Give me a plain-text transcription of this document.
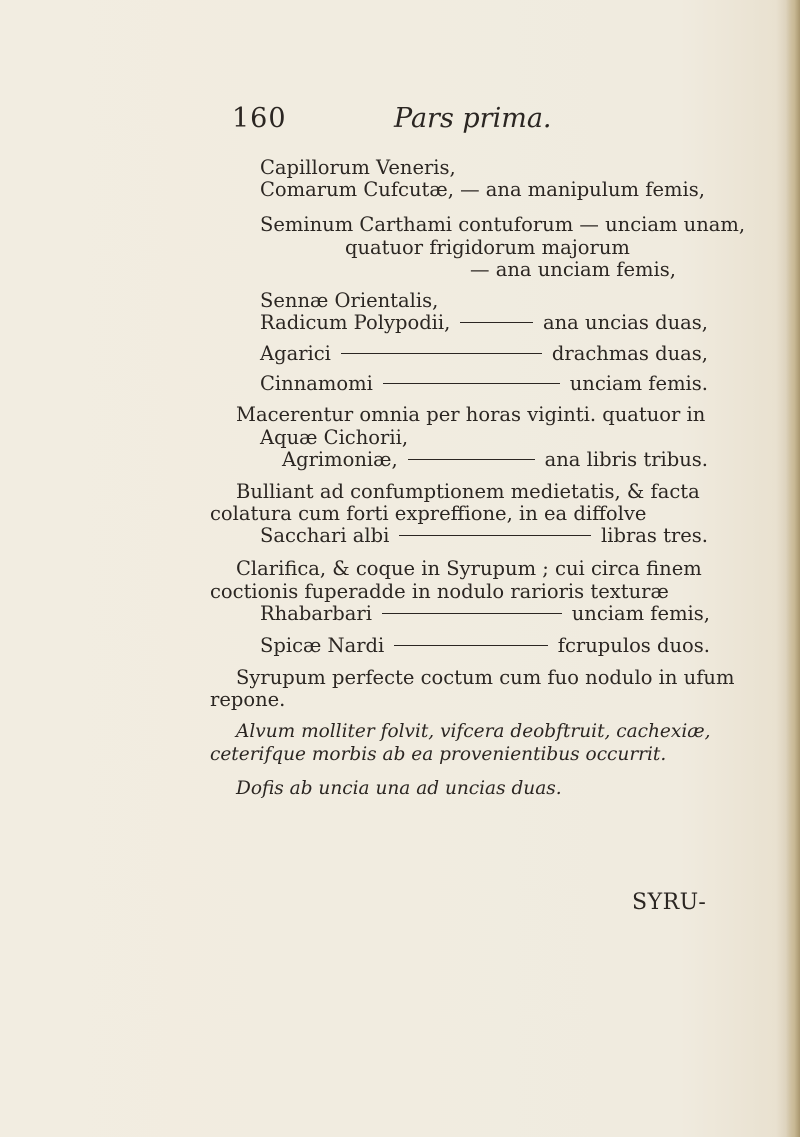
160	Pars prima.
Capillorum Veneris,
Comarum Cufcutæ, — ana manipulum femis,
Seminum Carthami contuforum — unciam unam,
quatuor frigidorum majorum
— ana unciam femis,
Sennæ Orientalis,
Radicum Polypodii,	ana uncias duas,
Agarici	drachmas duas,
Cinnamomi	unciam femis.
Macerentur omnia per horas viginti. quatuor in
Aquæ Cichorii,
Agrimoniæ,	ana libris tribus.
Bulliant ad confumptionem medietatis, & facta
colatura cum forti expreffione, in ea diffolve
Sacchari albi	libras tres.
Clarifica, & coque in Syrupum ; cui circa finem
coctionis fuperadde in nodulo rarioris texturæ
Rhabarbari	unciam femis,
Spicæ Nardi	fcrupulos duos.
Syrupum perfecte coctum cum fuo nodulo in ufum
repone.
Alvum molliter folvit, vifcera deobftruit, cachexiæ,
ceterifque morbis ab ea provenientibus occurrit.
Dofis ab uncia una ad uncias duas.
SYRU-
